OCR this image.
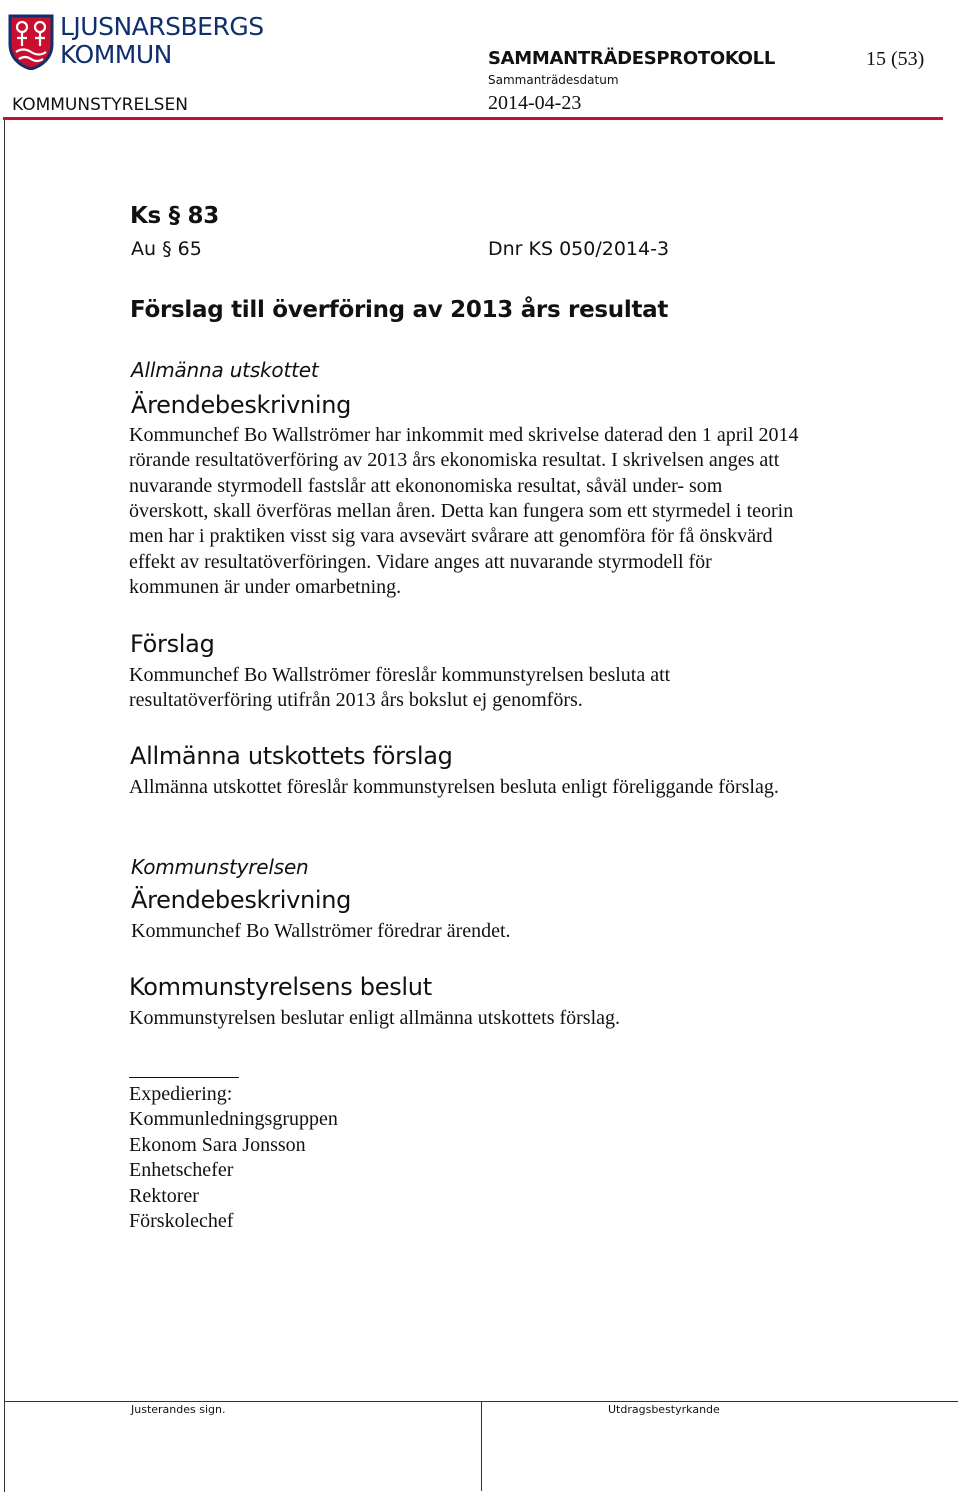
LJUSNARSBERGS
KOMMUN	SAMMANTRÄDESPROTOKOLL	15 (53)
Sammanträdesdatum
KOMMUNSTYRELSEN	2014-04-23
Ks § 83
Au § 65	Dnr KS 050/2014-3
Förslag till överföring av 2013 års resultat
Allmänna utskottet
Ärendebeskrivning
Kommunchef Bo Wallströmer har inkommit med skrivelse daterad den 1 april 2014
rörande resultatöverföring av 2013 års ekonomiska resultat. I skrivelsen anges att
nuvarande styrmodell fastslår att ekononomiska resultat, såväl under- som
överskott, skall överföras mellan åren. Detta kan fungera som ett styrmedel i teorin
men har i praktiken visst sig vara avsevärt svårare att genomföra för få önskvärd
effekt av resultatöverföringen. Vidare anges att nuvarande styrmodell för
kommunen är under omarbetning.
Förslag
Kommunchef Bo Wallströmer föreslår kommunstyrelsen besluta att
resultatöverföring utifrån 2013 års bokslut ej genomförs.
Allmänna utskottets förslag
Allmänna utskottet föreslår kommunstyrelsen besluta enligt föreliggande förslag.
Kommunstyrelsen
Ärendebeskrivning
Kommunchef Bo Wallströmer föredrar ärendet.
Kommunstyrelsens beslut
Kommunstyrelsen beslutar enligt allmänna utskottets förslag.
Expediering:
Kommunledningsgruppen
Ekonom Sara Jonsson
Enhetschefer
Rektorer
Förskolechef
Justerandes sign.	Utdragsbestyrkande
